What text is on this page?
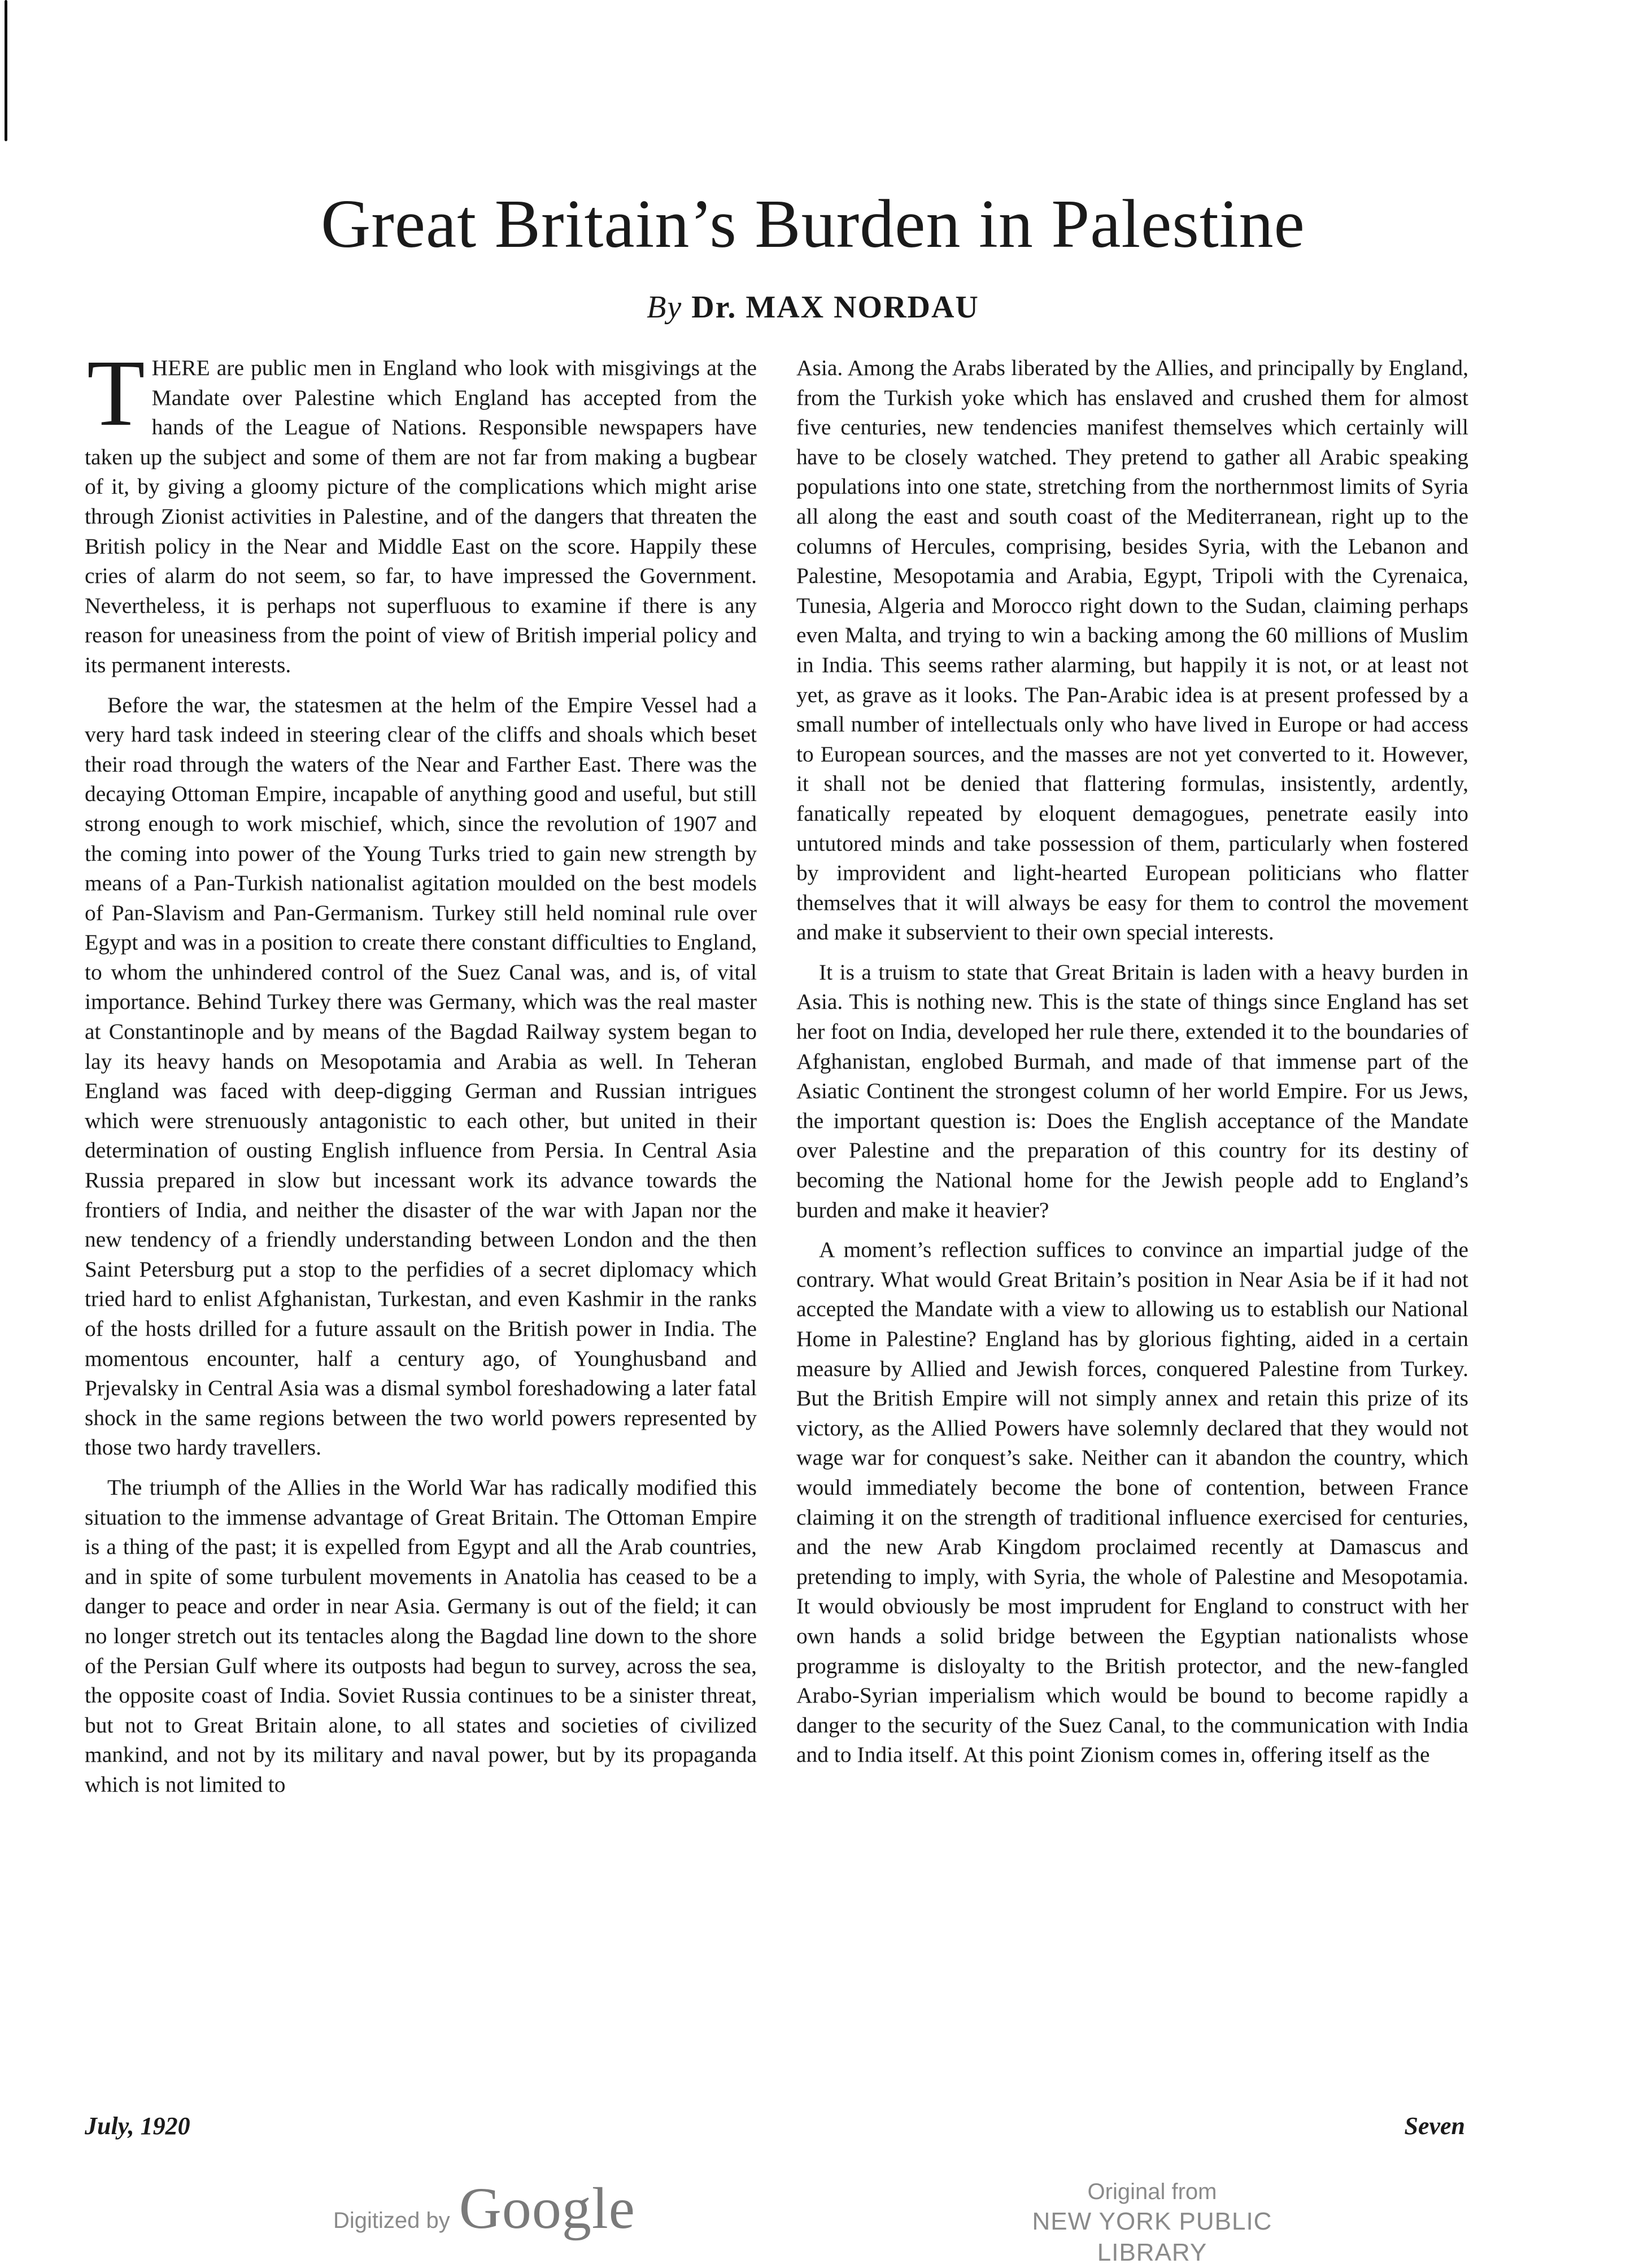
Great Britain’s Burden in Palestine
By Dr. MAX NORDAU

THERE are public men in England who look with misgivings at the Mandate over Palestine which England has accepted from the hands of the League of Nations. Responsible newspapers have taken up the subject and some of them are not far from making a bugbear of it, by giving a gloomy picture of the complications which might arise through Zionist activities in Palestine, and of the dangers that threaten the British policy in the Near and Middle East on the score. Happily these cries of alarm do not seem, so far, to have impressed the Government. Nevertheless, it is perhaps not superfluous to examine if there is any reason for uneasiness from the point of view of British imperial policy and its permanent interests.

Before the war, the statesmen at the helm of the Empire Vessel had a very hard task indeed in steering clear of the cliffs and shoals which beset their road through the waters of the Near and Farther East. There was the decaying Ottoman Empire, incapable of anything good and useful, but still strong enough to work mischief, which, since the revolution of 1907 and the coming into power of the Young Turks tried to gain new strength by means of a Pan-Turkish nationalist agitation moulded on the best models of Pan-Slavism and Pan-Germanism. Turkey still held nominal rule over Egypt and was in a position to create there constant difficulties to England, to whom the unhindered control of the Suez Canal was, and is, of vital importance. Behind Turkey there was Germany, which was the real master at Constantinople and by means of the Bagdad Railway system began to lay its heavy hands on Mesopotamia and Arabia as well. In Teheran England was faced with deep-digging German and Russian intrigues which were strenuously antagonistic to each other, but united in their determination of ousting English influence from Persia. In Central Asia Russia prepared in slow but incessant work its advance towards the frontiers of India, and neither the disaster of the war with Japan nor the new tendency of a friendly understanding between London and the then Saint Petersburg put a stop to the perfidies of a secret diplomacy which tried hard to enlist Afghanistan, Turkestan, and even Kashmir in the ranks of the hosts drilled for a future assault on the British power in India. The momentous encounter, half a century ago, of Younghusband and Prjevalsky in Central Asia was a dismal symbol foreshadowing a later fatal shock in the same regions between the two world powers represented by those two hardy travellers.

The triumph of the Allies in the World War has radically modified this situation to the immense advantage of Great Britain. The Ottoman Empire is a thing of the past; it is expelled from Egypt and all the Arab countries, and in spite of some turbulent movements in Anatolia has ceased to be a danger to peace and order in near Asia. Germany is out of the field; it can no longer stretch out its tentacles along the Bagdad line down to the shore of the Persian Gulf where its outposts had begun to survey, across the sea, the opposite coast of India. Soviet Russia continues to be a sinister threat, but not to Great Britain alone, to all states and societies of civilized mankind, and not by its military and naval power, but by its propaganda which is not limited to

Asia. Among the Arabs liberated by the Allies, and principally by England, from the Turkish yoke which has enslaved and crushed them for almost five centuries, new tendencies manifest themselves which certainly will have to be closely watched. They pretend to gather all Arabic speaking populations into one state, stretching from the northernmost limits of Syria all along the east and south coast of the Mediterranean, right up to the columns of Hercules, comprising, besides Syria, with the Lebanon and Palestine, Mesopotamia and Arabia, Egypt, Tripoli with the Cyrenaica, Tunesia, Algeria and Morocco right down to the Sudan, claiming perhaps even Malta, and trying to win a backing among the 60 millions of Muslim in India. This seems rather alarming, but happily it is not, or at least not yet, as grave as it looks. The Pan-Arabic idea is at present professed by a small number of intellectuals only who have lived in Europe or had access to European sources, and the masses are not yet converted to it. However, it shall not be denied that flattering formulas, insistently, ardently, fanatically repeated by eloquent demagogues, penetrate easily into untutored minds and take possession of them, particularly when fostered by improvident and light-hearted European politicians who flatter themselves that it will always be easy for them to control the movement and make it subservient to their own special interests.

It is a truism to state that Great Britain is laden with a heavy burden in Asia. This is nothing new. This is the state of things since England has set her foot on India, developed her rule there, extended it to the boundaries of Afghanistan, englobed Burmah, and made of that immense part of the Asiatic Continent the strongest column of her world Empire. For us Jews, the important question is: Does the English acceptance of the Mandate over Palestine and the preparation of this country for its destiny of becoming the National home for the Jewish people add to England’s burden and make it heavier?

A moment’s reflection suffices to convince an impartial judge of the contrary. What would Great Britain’s position in Near Asia be if it had not accepted the Mandate with a view to allowing us to establish our National Home in Palestine? England has by glorious fighting, aided in a certain measure by Allied and Jewish forces, conquered Palestine from Turkey. But the British Empire will not simply annex and retain this prize of its victory, as the Allied Powers have solemnly declared that they would not wage war for conquest’s sake. Neither can it abandon the country, which would immediately become the bone of contention, between France claiming it on the strength of traditional influence exercised for centuries, and the new Arab Kingdom proclaimed recently at Damascus and pretending to imply, with Syria, the whole of Palestine and Mesopotamia. It would obviously be most imprudent for England to construct with her own hands a solid bridge between the Egyptian nationalists whose programme is disloyalty to the British protector, and the new-fangled Arabo-Syrian imperialism which would be bound to become rapidly a danger to the security of the Suez Canal, to the communication with India and to India itself. At this point Zionism comes in, offering itself as the

July, 1920	Seven
Digitized by Google	Original from
NEW YORK PUBLIC LIBRARY
